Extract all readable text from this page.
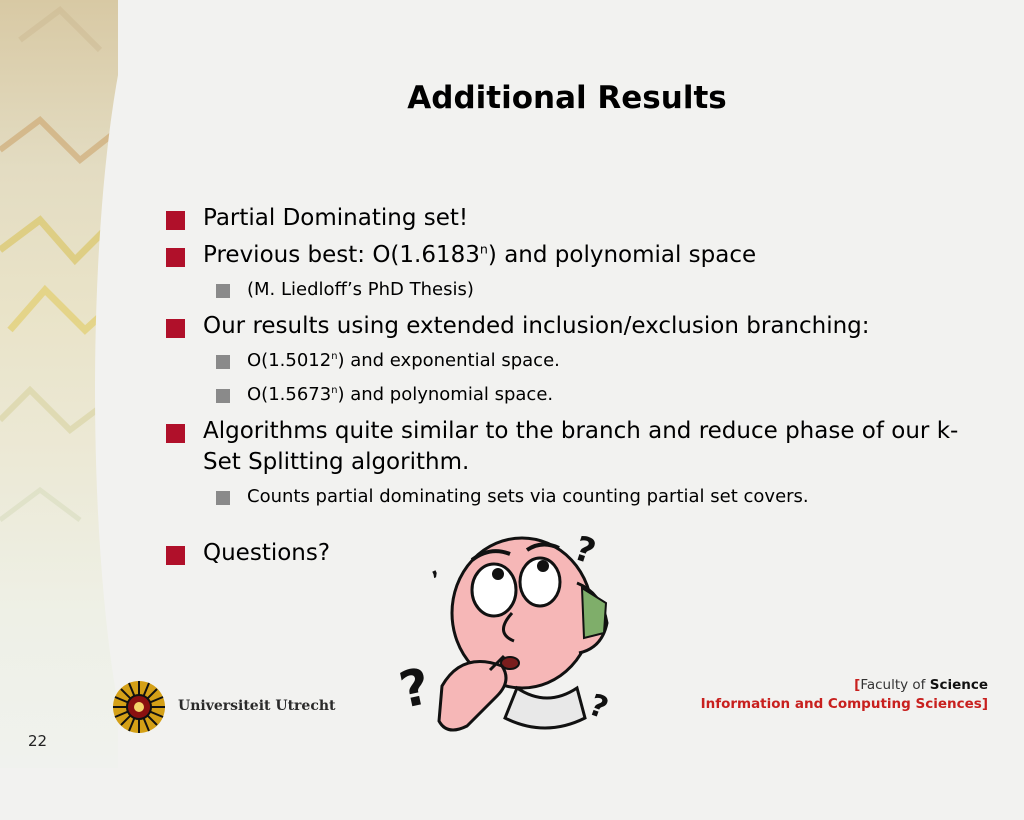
Additional Results
Partial Dominating set!
Previous best: O(1.6183$^n$) and polynomial space
(M. Liedloff’s PhD Thesis)
Our results using extended inclusion/exclusion branching:
O(1.5012$^n$) and exponential space.
O(1.5673$^n$) and polynomial space.
Algorithms quite similar to the branch and reduce phase of our k-Set Splitting algorithm.
Counts partial dominating sets via counting partial set covers.
Questions?	?
?	?
,
Universiteit Utrecht
[Faculty of Science
Information and Computing Sciences]
22
